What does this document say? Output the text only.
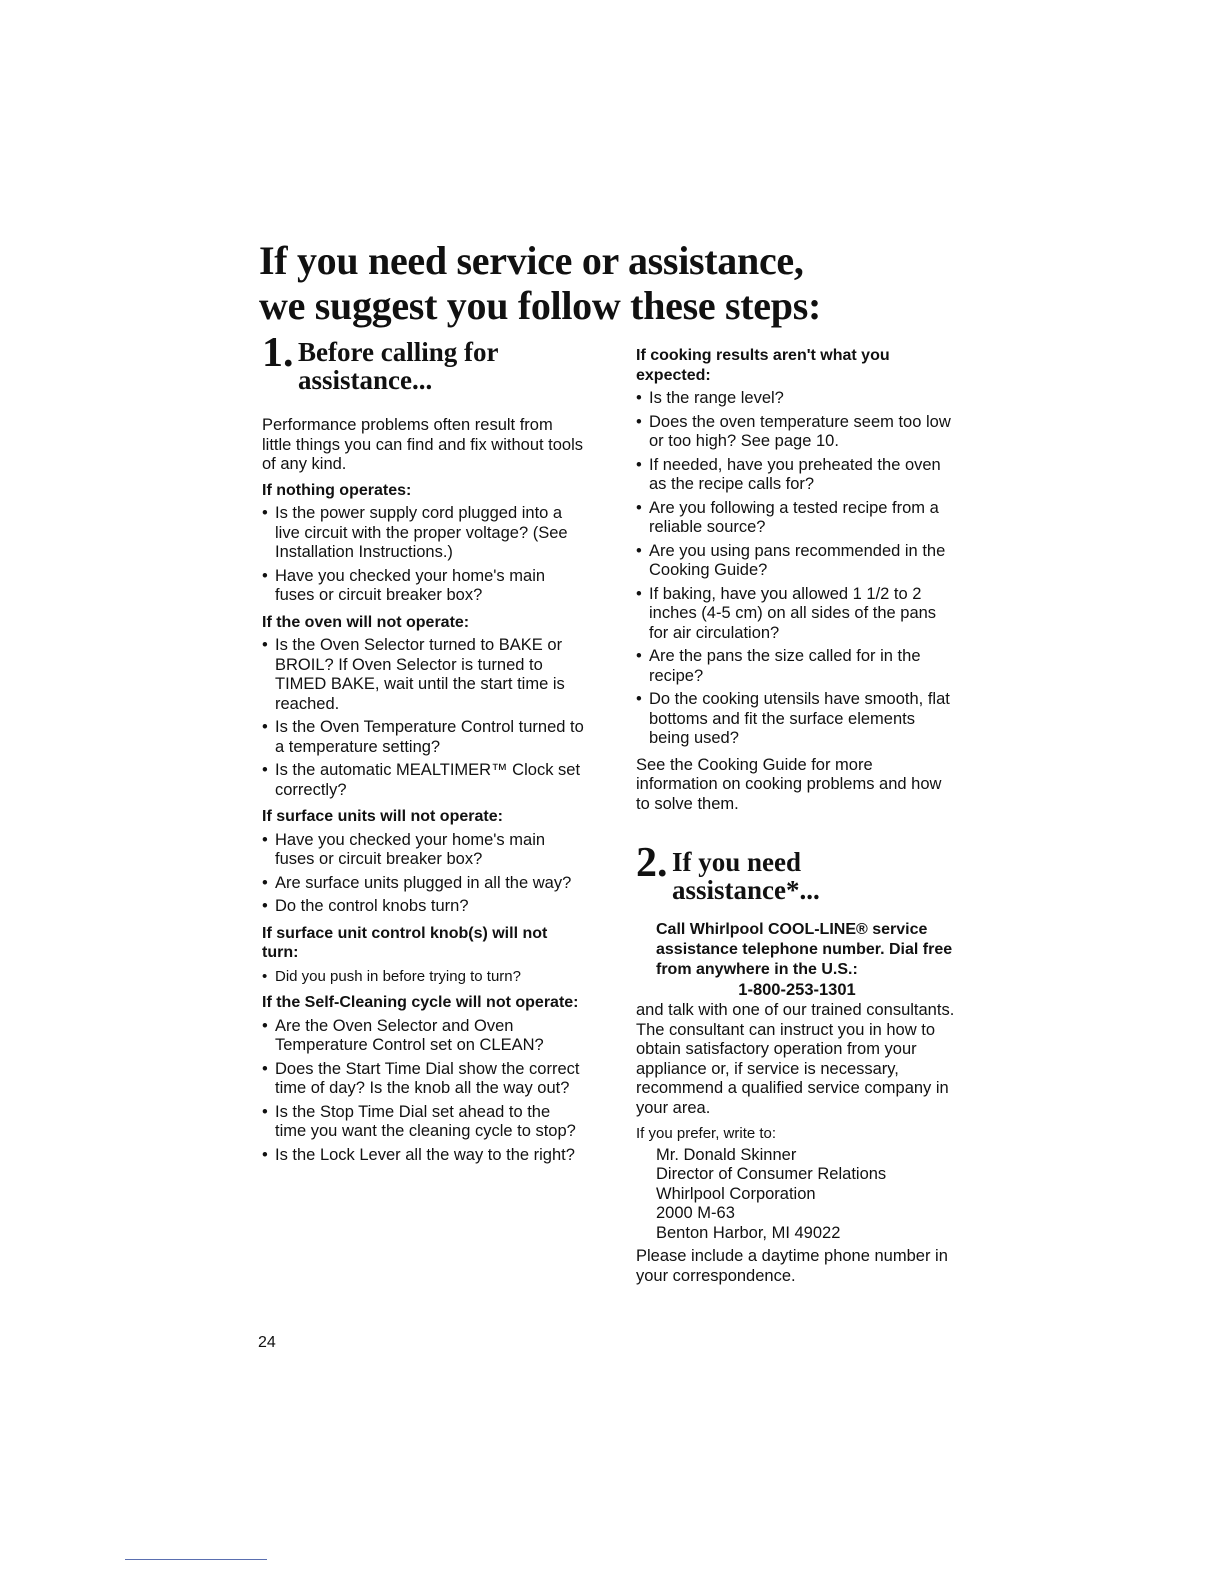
If you need service or assistance,
we suggest you follow these steps:
1. Before calling for
assistance...

Performance problems often result from little things you can find and fix without tools of any kind.

If nothing operates:
• Is the power supply cord plugged into a live circuit with the proper voltage? (See Installation Instructions.)
• Have you checked your home's main fuses or circuit breaker box?
If the oven will not operate:
• Is the Oven Selector turned to BAKE or BROIL? If Oven Selector is turned to TIMED BAKE, wait until the start time is reached.
• Is the Oven Temperature Control turned to a temperature setting?
• Is the automatic MEALTIMER™ Clock set correctly?
If surface units will not operate:
• Have you checked your home's main fuses or circuit breaker box?
• Are surface units plugged in all the way?
• Do the control knobs turn?
If surface unit control knob(s) will not turn:
• Did you push in before trying to turn?
If the Self-Cleaning cycle will not operate:
• Are the Oven Selector and Oven Temperature Control set on CLEAN?
• Does the Start Time Dial show the correct time of day? Is the knob all the way out?
• Is the Stop Time Dial set ahead to the time you want the cleaning cycle to stop?
• Is the Lock Lever all the way to the right?
If cooking results aren't what you expected:
• Is the range level?
• Does the oven temperature seem too low or too high? See page 10.
• If needed, have you preheated the oven as the recipe calls for?
• Are you following a tested recipe from a reliable source?
• Are you using pans recommended in the Cooking Guide?
• If baking, have you allowed 1 1/2 to 2 inches (4-5 cm) on all sides of the pans for air circulation?
• Are the pans the size called for in the recipe?
• Do the cooking utensils have smooth, flat bottoms and fit the surface elements being used?

See the Cooking Guide for more information on cooking problems and how to solve them.

2. If you need
assistance*...

Call Whirlpool COOL-LINE® service assistance telephone number. Dial free from anywhere in the U.S.:

1-800-253-1301

and talk with one of our trained consultants. The consultant can instruct you in how to obtain satisfactory operation from your appliance or, if service is necessary, recommend a qualified service company in your area.

If you prefer, write to:

Mr. Donald Skinner
Director of Consumer Relations
Whirlpool Corporation
2000 M-63
Benton Harbor, MI 49022

Please include a daytime phone number in your correspondence.

24
